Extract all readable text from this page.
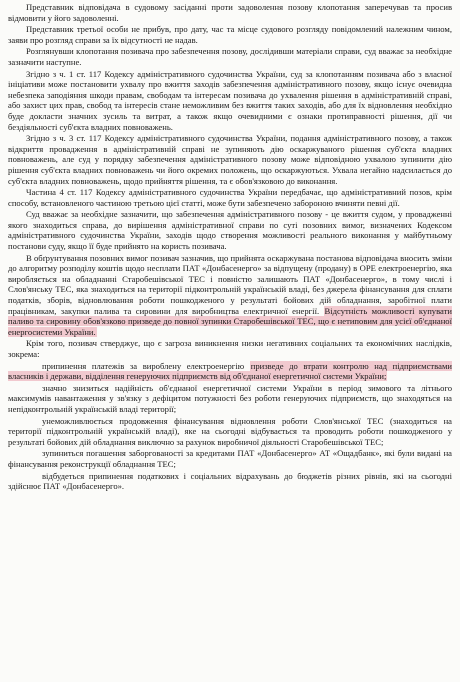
Представник відповідача в судовому засіданні проти задоволення позову клопотання заперечував та просив відмовити у його задоволенні.

Представник третьої особи не прибув, про дату, час та місце судового розгляду повідомлений належним чином, заяви про розгляд справи за їх відсутності не надав.

Розглянувши клопотання позивача про забезпечення позову, дослідивши матеріали справи, суд вважає за необхідне зазначити наступне.

Згідно з ч. 1 ст. 117 Кодексу адміністративного судочинства України, суд за клопотанням позивача або з власної ініціативи може постановити ухвалу про вжиття заходів забезпечення адміністративного позову, якщо існує очевидна небезпека заподіяння шкоди правам, свободам та інтересам позивача до ухвалення рішення в адміністративній справі, або захист цих прав, свобод та інтересів стане неможливим без вжиття таких заходів, або для їх відновлення необхідно буде докласти значних зусиль та витрат, а також якщо очевидними є ознаки протиправності рішення, дії чи бездіяльності суб'єкта владних повноважень.

Згідно з ч. 3 ст. 117 Кодексу адміністративного судочинства України, подання адміністративного позову, а також відкриття провадження в адміністративній справі не зупиняють дію оскаржуваного рішення суб'єкта владних повноважень, але суд у порядку забезпечення адміністративного позову може відповідною ухвалою зупинити дію рішення суб'єкта владних повноважень чи його окремих положень, що оскаржуються. Ухвала негайно надсилається до суб'єкта владних повноважень, щодо прийняття рішення, та є обов'язковою до виконання.

Частина 4 ст. 117 Кодексу адміністративного судочинства України передбачає, що адміністративний позов, крім способу, встановленого частиною третьою цієї статті, може бути забезпечено забороною вчиняти певні дії.

Суд вважає за необхідне зазначити, що забезпечення адміністративного позову - це вжиття судом, у провадженні якого знаходиться справа, до вирішення адміністративної справи по суті позовних вимог, визначених Кодексом адміністративного судочинства України, заходів щодо створення можливості реального виконання у майбутньому постанови суду, якщо її буде прийнято на користь позивача.

В обґрунтування позовних вимог позивач зазначив, що прийнята оскаржувана постанова відповідача вносить зміни до алгоритму розподілу коштів щодо несплати ПАТ «Донбасенерго» за відпущену (продану) в ОРЕ електроенергію, яка виробляється на обладнанні Старобешівської ТЕС і повністю залишають ПАТ «Донбасенерго», в тому числі і Слов'янську ТЕС, яка знаходиться на території підконтрольній українській владі, без джерела фінансування для сплати податків, зборів, відновлювання роботи пошкодженого у результаті бойових дій обладнання, заробітної плати працівникам, закупки палива та сировини для виробництва електричної енергії. Відсутність можливості купувати паливо та сировину обов'язково призведе до повної зупинки Старобешівської ТЕС, що є нетиповим для усієї об'єднаної енергосистеми України.

Крім того, позивач стверджує, що є загроза виникнення низки негативних соціальних та економічних наслідків, зокрема:

припинення платежів за вироблену електроенергію призведе до втрати контролю над підприємствами власників і держави, відділення генеруючих підприємств від об'єднаної енергетичної системи України;

значно знизиться надійність об'єднаної енергетичної системи України в період зимового та літнього максимумів навантаження у зв'язку з дефіцитом потужності без роботи генеруючих підприємств, що знаходяться на непідконтрольній українській владі території;

унеможливлюється продовження фінансування відновлення роботи Слов'янської ТЕС (знаходиться на території підконтрольній українській владі), яке на сьогодні відбувається та проводить роботи пошкодженого у результаті бойових дій обладнання виключно за рахунок виробничої діяльності Старобешівської ТЕС;

зупиниться погашення заборгованості за кредитами ПАТ «Донбасенерго» АТ «Ощадбанк», які були видані на фінансування реконструкції обладнання ТЕС;

відбудеться припинення податкових і соціальних відрахувань до бюджетів різних рівнів, які на сьогодні здійснює ПАТ «Донбасенерго».
